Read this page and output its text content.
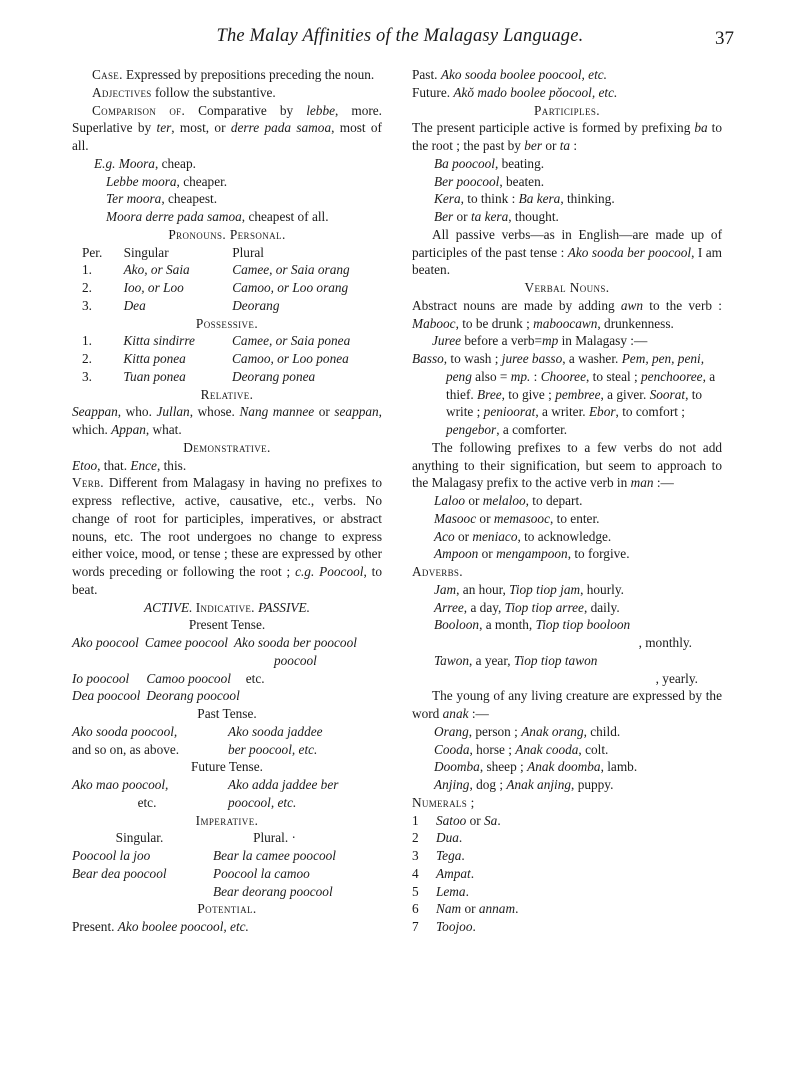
The Malay Affinities of the Malagasy Language.	37

Case. Expressed by prepositions preceding the noun.

Adjectives follow the substantive.

Comparison of. Comparative by lebbe, more. Superlative by ter, most, or derre pada samoa, most of all.

E.g. Moora, cheap.

Lebbe moora, cheaper.

Ter moora, cheapest.

Moora derre pada samoa, cheapest of all.

Pronouns. Personal.

Per.	Singular	Plural
1.	Ako, or Saia	Camee, or Saia orang
2.	Ioo, or Loo	Camoo, or Loo orang
3.	Dea	Deorang

Possessive.

1.	Kitta sindirre	Camee, or Saia ponea
2.	Kitta ponea	Camoo, or Loo ponea
3.	Tuan ponea	Deorang ponea

Relative.

Seappan, who. Jullan, whose. Nang mannee or seappan, which. Appan, what.

Demonstrative.

Etoo, that. Ence, this.

Verb. Different from Malagasy in having no prefixes to express reflective, active, causative, etc., verbs. No change of root for participles, imperatives, or abstract nouns, etc. The root undergoes no change to express either voice, mood, or tense ; these are expressed by other words preceding or following the root ; c.g. Poocool, to beat.

ACTIVE. Indicative. PASSIVE.

Present Tense.

Ako poocool	Camee poocool	Ako sooda ber poocool
		poocool
Io poocool	Camoo poocool	etc.
Dea poocool	Deorang poocool	

Past Tense.

Ako sooda poocool,	Ako sooda jaddee
and so on, as above.	ber poocool, etc.

Future Tense.

Ako mao poocool,	Ako adda jaddee ber
etc.	poocool, etc.

Imperative.

Singular.	Plural. ·
Poocool la joo	Bear la camee poocool
Bear dea poocool	Poocool la camoo
	Bear deorang poocool

Potential.

Present. Ako boolee poocool, etc.

Past. Ako sooda boolee poocool, etc.

Future. Akŏ mado boolee pŏocool, etc.

Participles.

The present participle active is formed by prefixing ba to the root ; the past by ber or ta :

Ba poocool, beating.

Ber poocool, beaten.

Kera, to think : Ba kera, thinking.

Ber or ta kera, thought.

All passive verbs—as in English—are made up of participles of the past tense : Ako sooda ber poocool, I am beaten.

Verbal Nouns.

Abstract nouns are made by adding awn to the verb : Mabooc, to be drunk ; maboocawn, drunkenness.

Juree before a verb=mp in Malagasy :—

Basso, to wash ; juree basso, a washer. Pem, pen, peni, peng also = mp. : Chooree, to steal ; penchooree, a thief. Bree, to give ; pembree, a giver. Soorat, to write ; penioorat, a writer. Ebor, to comfort ; pengebor, a comforter.

The following prefixes to a few verbs do not add anything to their signification, but seem to approach to the Malagasy prefix to the active verb in man :—

Laloo or melaloo, to depart.

Masooc or memasooc, to enter.

Aco or meniaco, to acknowledge.

Ampoon or mengampoon, to forgive.

Adverbs.

Jam, an hour, Tiop tiop jam, hourly.

Arree, a day, Tiop tiop arree, daily.

Booloon, a month, Tiop tiop booloon
, monthly.

Tawon, a year, Tiop tiop tawon
, yearly.

The young of any living creature are expressed by the word anak :—

Orang, person ; Anak orang, child.

Cooda, horse ; Anak cooda, colt.

Doomba, sheep ; Anak doomba, lamb.

Anjing, dog ; Anak anjing, puppy.

Numerals ;

1	Satoo or Sa.
2	Dua.
3	Tega.
4	Ampat.
5	Lema.
6	Nam or annam.
7	Toojoo.
